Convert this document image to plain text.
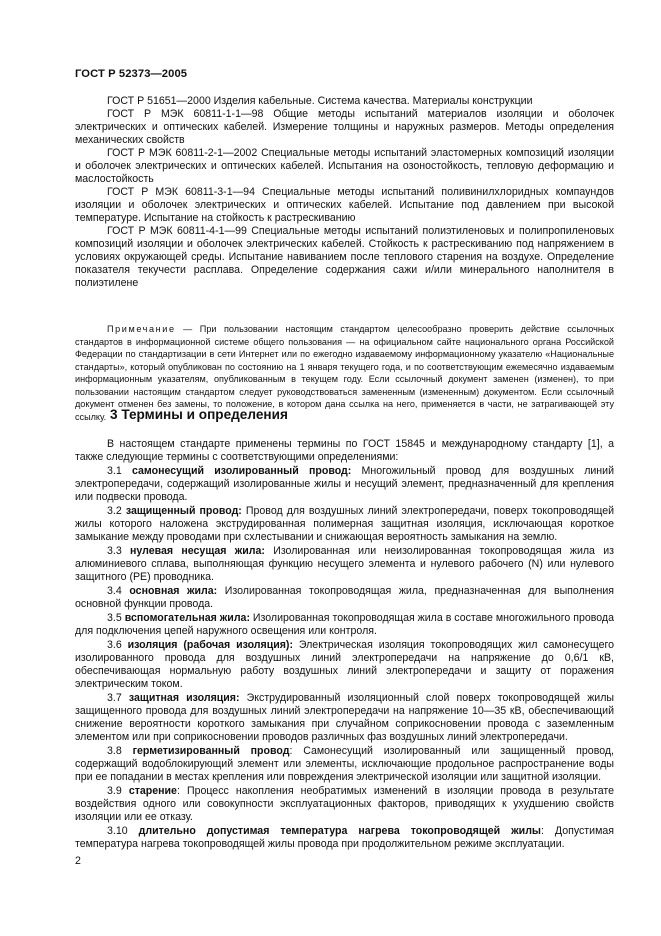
ГОСТ Р 52373—2005

ГОСТ Р 51651—2000 Изделия кабельные. Система качества. Материалы конструкции

ГОСТ Р МЭК 60811-1-1—98 Общие методы испытаний материалов изоляции и оболочек электрических и оптических кабелей. Измерение толщины и наружных размеров. Методы определения механических свойств

ГОСТ Р МЭК 60811-2-1—2002 Специальные методы испытаний эластомерных композиций изоляции и оболочек электрических и оптических кабелей. Испытания на озоностойкость, тепловую деформацию и маслостойкость

ГОСТ Р МЭК 60811-3-1—94 Специальные методы испытаний поливинилхлоридных компаундов изоляции и оболочек электрических и оптических кабелей. Испытание под давлением при высокой температуре. Испытание на стойкость к растрескиванию

ГОСТ Р МЭК 60811-4-1—99 Специальные методы испытаний полиэтиленовых и полипропиленовых композиций изоляции и оболочек электрических кабелей. Стойкость к растрескиванию под напряжением в условиях окружающей среды. Испытание навиванием после теплового старения на воздухе. Определение показателя текучести расплава. Определение содержания сажи и/или минерального наполнителя в полиэтилене

Примечание — При пользовании настоящим стандартом целесообразно проверить действие ссылочных стандартов в информационной системе общего пользования — на официальном сайте национального органа Российской Федерации по стандартизации в сети Интернет или по ежегодно издаваемому информационному указателю «Национальные стандарты», который опубликован по состоянию на 1 января текущего года, и по соответствующим ежемесячно издаваемым информационным указателям, опубликованным в текущем году. Если ссылочный документ заменен (изменен), то при пользовании настоящим стандартом следует руководствоваться замененным (измененным) документом. Если ссылочный документ отменен без замены, то положение, в котором дана ссылка на него, применяется в части, не затрагивающей эту ссылку. 3 Термины и определения

В настоящем стандарте применены термины по ГОСТ 15845 и международному стандарту [1], а также следующие термины с соответствующими определениями:

3.1 самонесущий изолированный провод: Многожильный провод для воздушных линий электропередачи, содержащий изолированные жилы и несущий элемент, предназначенный для крепления или подвески провода.

3.2 защищенный провод: Провод для воздушных линий электропередачи, поверх токопроводящей жилы которого наложена экструдированная полимерная защитная изоляция, исключающая короткое замыкание между проводами при схлестывании и снижающая вероятность замыкания на землю.

3.3 нулевая несущая жила: Изолированная или неизолированная токопроводящая жила из алюминиевого сплава, выполняющая функцию несущего элемента и нулевого рабочего (N) или нулевого защитного (PE) проводника.

3.4 основная жила: Изолированная токопроводящая жила, предназначенная для выполнения основной функции провода.

3.5 вспомогательная жила: Изолированная токопроводящая жила в составе многожильного провода для подключения цепей наружного освещения или контроля.

3.6 изоляция (рабочая изоляция): Электрическая изоляция токопроводящих жил самонесущего изолированного провода для воздушных линий электропередачи на напряжение до 0,6/1 кВ, обеспечивающая нормальную работу воздушных линий электропередачи и защиту от поражения электрическим током.

3.7 защитная изоляция: Экструдированный изоляционный слой поверх токопроводящей жилы защищенного провода для воздушных линий электропередачи на напряжение 10—35 кВ, обеспечивающий снижение вероятности короткого замыкания при случайном соприкосновении провода с заземленным элементом или при соприкосновении проводов различных фаз воздушных линий электропередачи.

3.8 герметизированный провод: Самонесущий изолированный или защищенный провод, содержащий водоблокирующий элемент или элементы, исключающие продольное распространение воды при ее попадании в местах крепления или повреждения электрической изоляции или защитной изоляции.

3.9 старение: Процесс накопления необратимых изменений в изоляции провода в результате воздействия одного или совокупности эксплуатационных факторов, приводящих к ухудшению свойств изоляции или ее отказу.

3.10 длительно допустимая температура нагрева токопроводящей жилы: Допустимая температура нагрева токопроводящей жилы провода при продолжительном режиме эксплуатации.

2
